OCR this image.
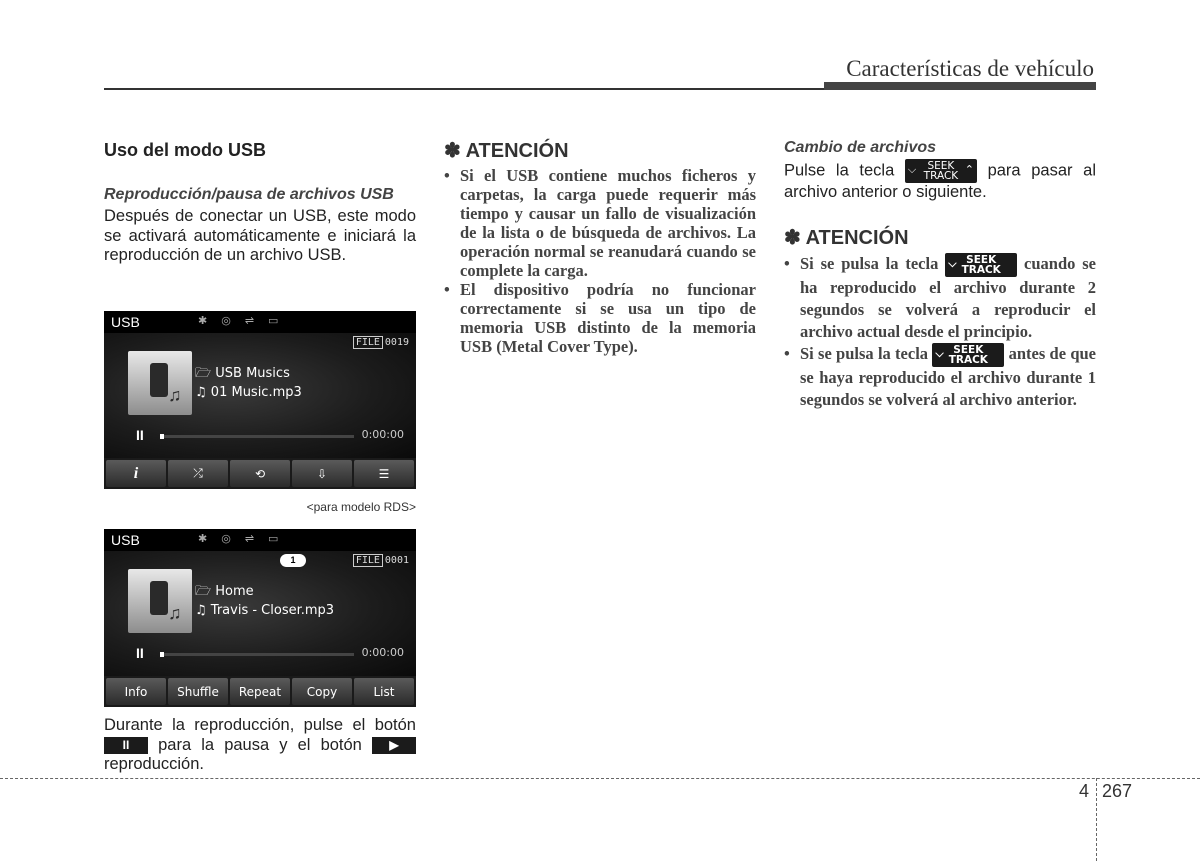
Características de vehículo
Uso del modo USB
Reproducción/pausa de archivos USB
Después de conectar un USB, este modo se activará automáticamente e iniciará la reproducción de un archivo USB.
USB	✱ ◎ ⇌ ▭
FILE 0019
♫
🗁 USB Musics
♫ 01 Music.mp3
II	0:00:00
i	⤮	⟲	⇩	☰
<para modelo RDS>
USB	✱ ◎ ⇌ ▭
1	FILE 0001
♫
🗁 Home
♫ Travis - Closer.mp3
II	0:00:00
Info	Shuffle	Repeat	Copy	List
Durante la reproducción, pulse el botón II para la pausa y el botón ▶ reproducción.
✽ ATENCIÓN
• Si el USB contiene muchos ficheros y carpetas, la carga puede requerir más tiempo y causar un fallo de visualización de la lista o de búsqueda de archivos. La operación normal se reanudará cuando se complete la carga.
• El dispositivo podría no funcionar correctamente si se usa un tipo de memoria USB distinto de la memoria USB (Metal Cover Type).
Cambio de archivos
Pulse la tecla ⌵	SEEK
TRACK ⌃ para pasar al archivo anterior o siguiente.
✽ ATENCIÓN
• Si se pulsa la tecla ⌵ SEEK
TRACK	cuando se ha reproducido el archivo durante 2 segundos se volverá a reproducir el archivo actual desde el principio.
• Si se pulsa la tecla ⌵ SEEK
TRACK	antes de que se haya reproducido el archivo durante 1 segundos se volverá al archivo anterior.
4 267
